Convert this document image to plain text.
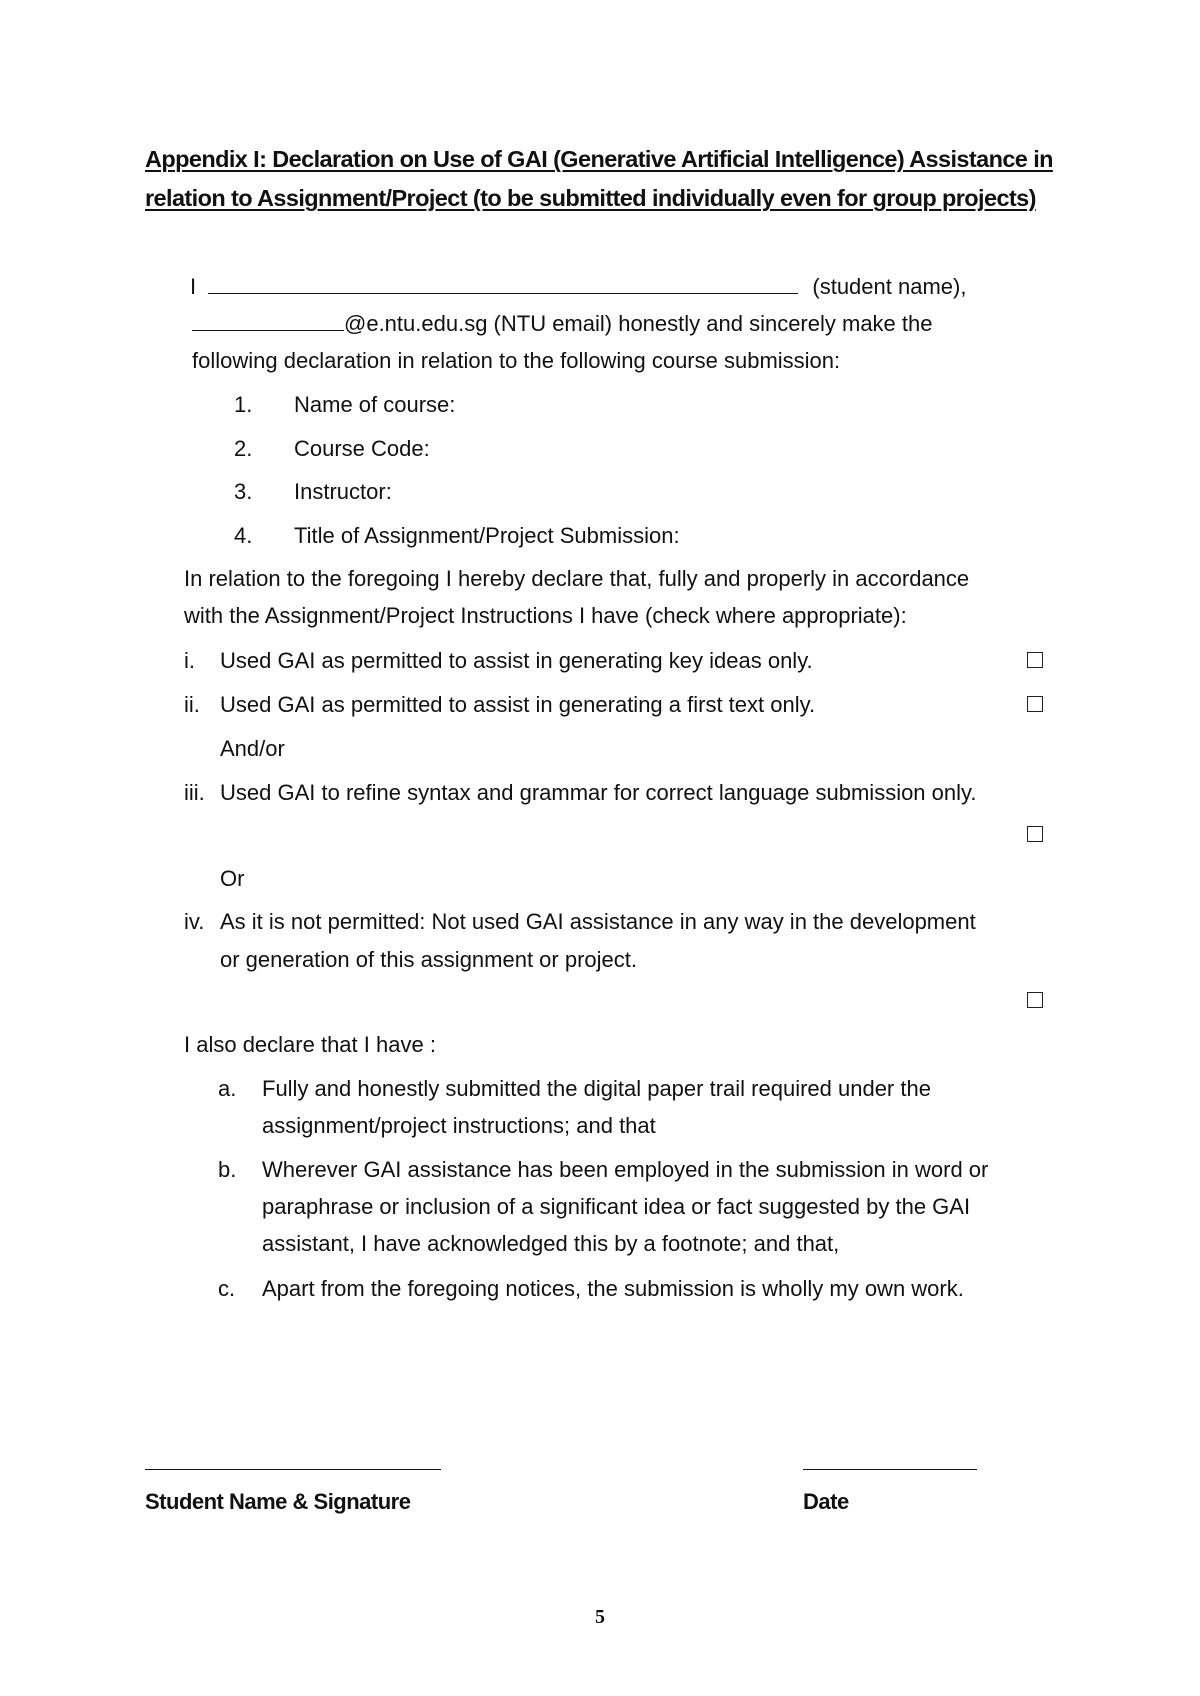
Appendix I: Declaration on Use of GAI (Generative Artificial Intelligence) Assistance in
relation to Assignment/Project (to be submitted individually even for group projects)
I	(student name),
@e.ntu.edu.sg (NTU email) honestly and sincerely make the
following declaration in relation to the following course submission:
1. Name of course:
2. Course Code:
3. Instructor:
4. Title of Assignment/Project Submission:
In relation to the foregoing I hereby declare that, fully and properly in accordance
with the Assignment/Project Instructions I have (check where appropriate):
i. Used GAI as permitted to assist in generating key ideas only.
ii. Used GAI as permitted to assist in generating a first text only.
And/or
iii. Used GAI to refine syntax and grammar for correct language submission only.
Or
iv. As it is not permitted: Not used GAI assistance in any way in the development
or generation of this assignment or project.
I also declare that I have :
a. Fully and honestly submitted the digital paper trail required under the
assignment/project instructions; and that
b. Wherever GAI assistance has been employed in the submission in word or
paraphrase or inclusion of a significant idea or fact suggested by the GAI
assistant, I have acknowledged this by a footnote; and that,
c. Apart from the foregoing notices, the submission is wholly my own work.
Student Name & Signature	Date
5
